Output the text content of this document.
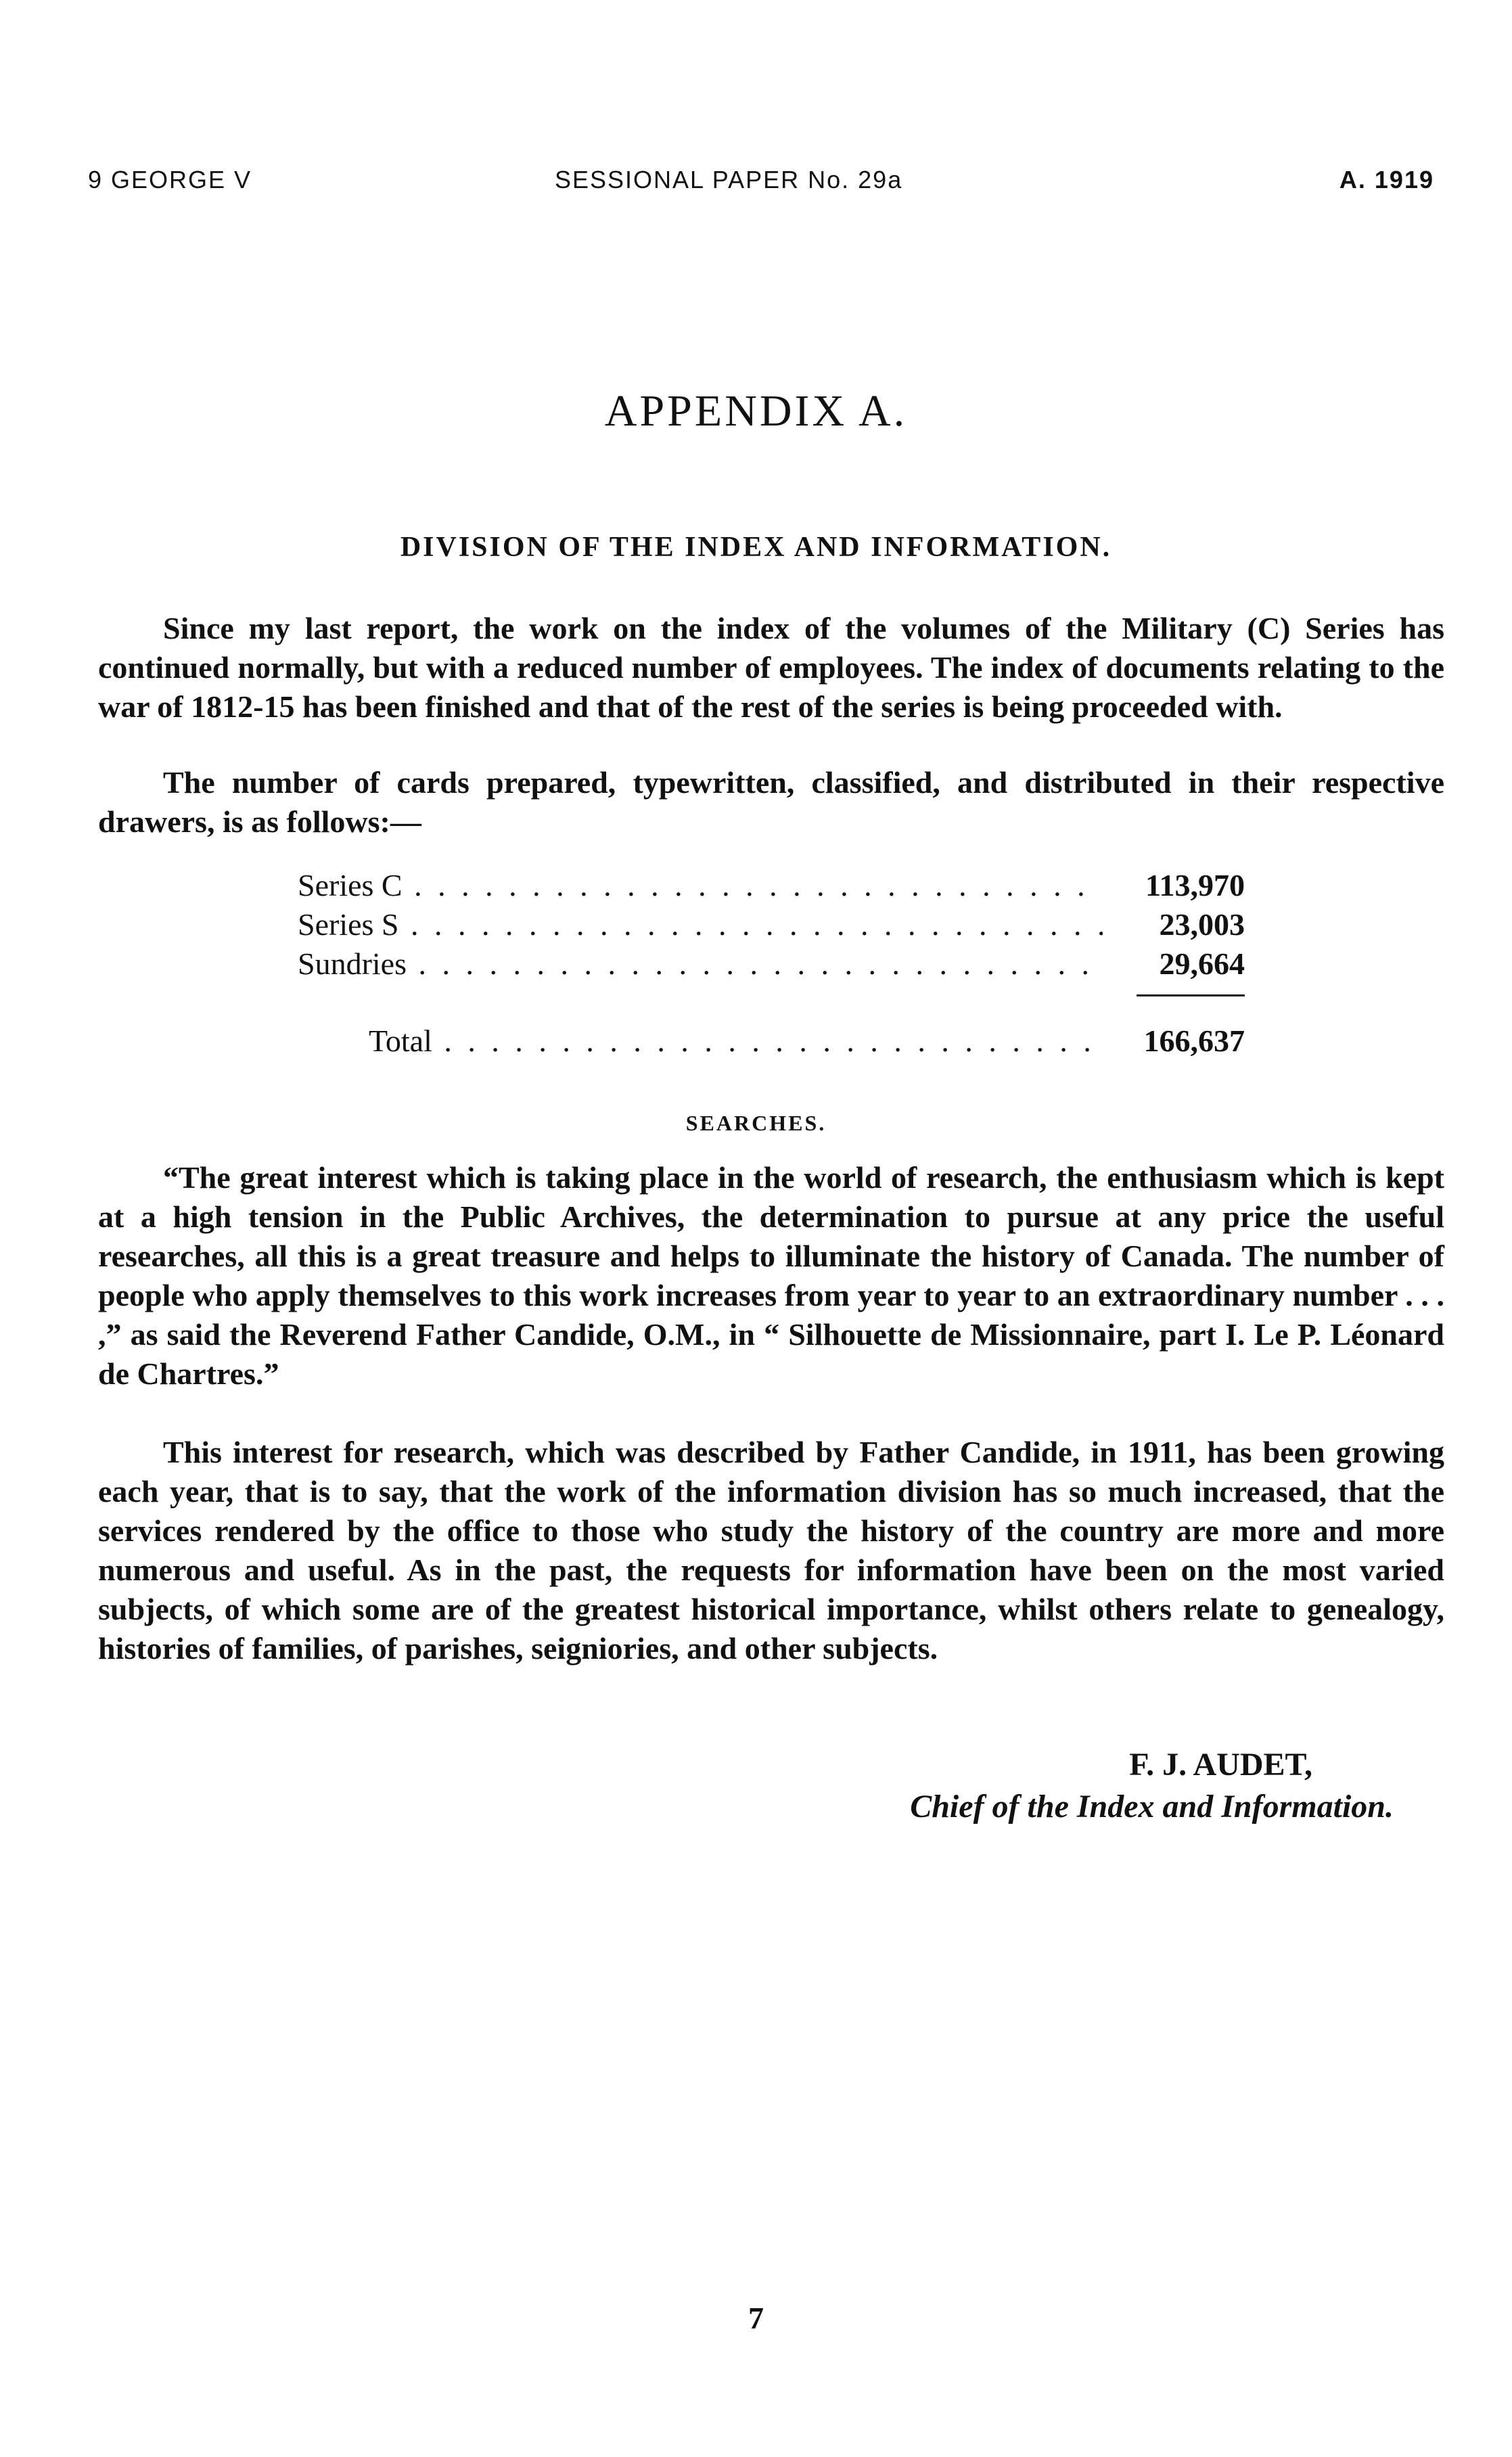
9 GEORGE V	SESSIONAL PAPER No. 29a	A. 1919
APPENDIX A.
DIVISION OF THE INDEX AND INFORMATION.

Since my last report, the work on the index of the volumes of the Military (C) Series has continued normally, but with a reduced number of employees. The index of documents relating to the war of 1812-15 has been finished and that of the rest of the series is being proceeded with.

The number of cards prepared, typewritten, classified, and distributed in their respective drawers, is as follows:—

Series C . . .	113,970
Series S . . .	23,003
Sundries . . .	29,664
Total . . .	166,637
SEARCHES.

“The great interest which is taking place in the world of research, the enthusiasm which is kept at a high tension in the Public Archives, the determination to pursue at any price the useful researches, all this is a great treasure and helps to illuminate the history of Canada. The number of people who apply themselves to this work increases from year to year to an extraordinary number . . . ,” as said the Reverend Father Candide, O.M., in “ Silhouette de Missionnaire, part I. Le P. Léonard de Chartres.”

This interest for research, which was described by Father Candide, in 1911, has been growing each year, that is to say, that the work of the information division has so much increased, that the services rendered by the office to those who study the history of the country are more and more numerous and useful. As in the past, the requests for information have been on the most varied subjects, of which some are of the greatest historical importance, whilst others relate to genealogy, histories of families, of parishes, seigniories, and other subjects.

F. J. AUDET,
Chief of the Index and Information.
7
